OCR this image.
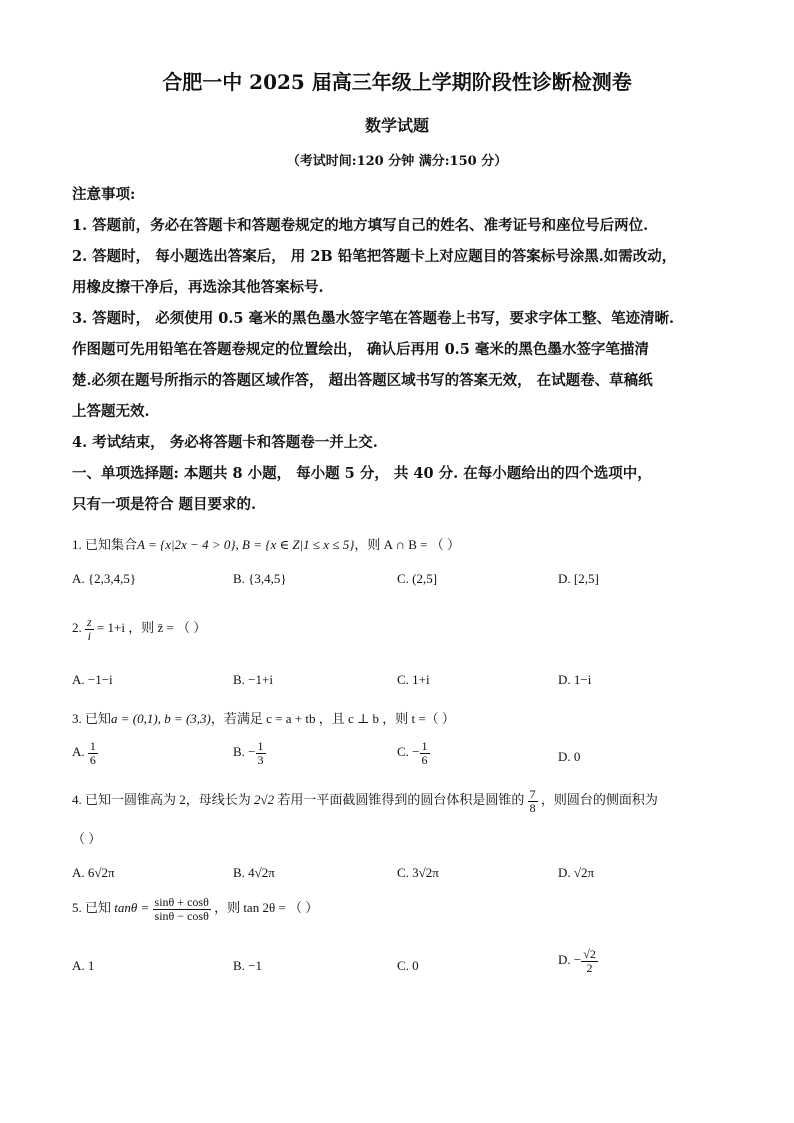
合肥一中 2025 届高三年级上学期阶段性诊断检测卷
数学试题
（考试时间:120 分钟 满分:150 分）
注意事项:
1. 答题前，务必在答题卡和答题卷规定的地方填写自己的姓名、准考证号和座位号后两位.
2. 答题时， 每小题选出答案后， 用 2B 铅笔把答题卡上对应题目的答案标号涂黑.如需改动，
用橡皮擦干净后，再选涂其他答案标号.
3. 答题时， 必须使用 0.5 毫米的黑色墨水签字笔在答题卷上书写，要求字体工整、笔迹清晰.
作图题可先用铅笔在答题卷规定的位置绘出， 确认后再用 0.5 毫米的黑色墨水签字笔描清
楚.必须在题号所指示的答题区域作答， 超出答题区域书写的答案无效， 在试题卷、草稿纸
上答题无效.
4. 考试结束， 务必将答题卡和答题卷一并上交.
一、单项选择题: 本题共 8 小题， 每小题 5 分， 共 40 分. 在每小题给出的四个选项中，
只有一项是符合 题目要求的.
1. 已知集合A = {x|2x − 4 > 0}, B = {x ∈ Z|1 ≤ x ≤ 5}，则 A ∩ B = （ ）
A. {2,3,4,5}	B. {3,4,5}	C. (2,5]	D. [2,5]
2. $\frac{z}{i} = 1+i$ ，则 z̄ = （ ）
A. −1−i	B. −1+i	C. 1+i	D. 1−i
3. 已知a = (0,1), b = (3,3)，若满足 c = a + tb ，且 c ⊥ b ，则 t =（ ）
A. $\frac{1}{6}$	B. − $\frac{1}{3}$	C. − $\frac{1}{6}$	D. 0
4. 已知一圆锥高为 2，母线长为 2√2 若用一平面截圆锥得到的圆台体积是圆锥的 $\frac{7}{8}$ ，则圆台的侧面积为
（ ）
A. 6√2π	B. 4√2π	C. 3√2π	D. √2π
5. 已知 $\tan\theta = \frac{\sin\theta + \cos\theta}{\sin\theta - \cos\theta}$ ，则 tan 2θ = （ ）
A. 1	B. −1	C. 0	D. − $\frac{√2}{2}$
